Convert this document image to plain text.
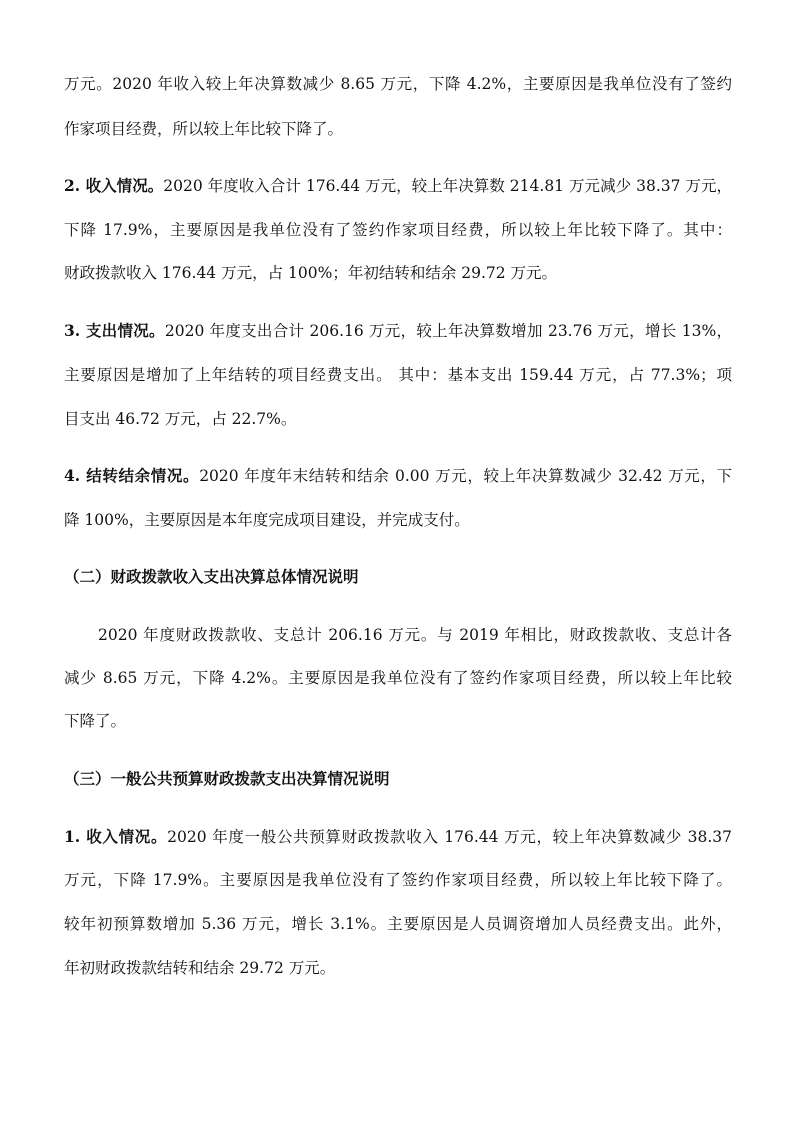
万元。2020 年收入较上年决算数减少 8.65 万元，下降 4.2%，主要原因是我单位没有了签约
作家项目经费，所以较上年比较下降了。
2. 收入情况。2020 年度收入合计 176.44 万元，较上年决算数 214.81 万元减少 38.37 万元，
下降 17.9%，主要原因是我单位没有了签约作家项目经费，所以较上年比较下降了。其中：
财政拨款收入 176.44 万元，占 100%；年初结转和结余 29.72 万元。
3. 支出情况。2020 年度支出合计 206.16 万元，较上年决算数增加 23.76 万元，增长 13%，
主要原因是增加了上年结转的项目经费支出。 其中：基本支出 159.44 万元，占 77.3%；项
目支出 46.72 万元，占 22.7%。
4. 结转结余情况。2020 年度年末结转和结余 0.00 万元，较上年决算数减少 32.42 万元，下
降 100%，主要原因是本年度完成项目建设，并完成支付。
（二）财政拨款收入支出决算总体情况说明
2020 年度财政拨款收、支总计 206.16 万元。与 2019 年相比，财政拨款收、支总计各
减少 8.65 万元，下降 4.2%。主要原因是我单位没有了签约作家项目经费，所以较上年比较
下降了。
（三）一般公共预算财政拨款支出决算情况说明
1. 收入情况。2020 年度一般公共预算财政拨款收入 176.44 万元，较上年决算数减少 38.37
万元，下降 17.9%。主要原因是我单位没有了签约作家项目经费，所以较上年比较下降了。
较年初预算数增加 5.36 万元，增长 3.1%。主要原因是人员调资增加人员经费支出。此外，
年初财政拨款结转和结余 29.72 万元。
